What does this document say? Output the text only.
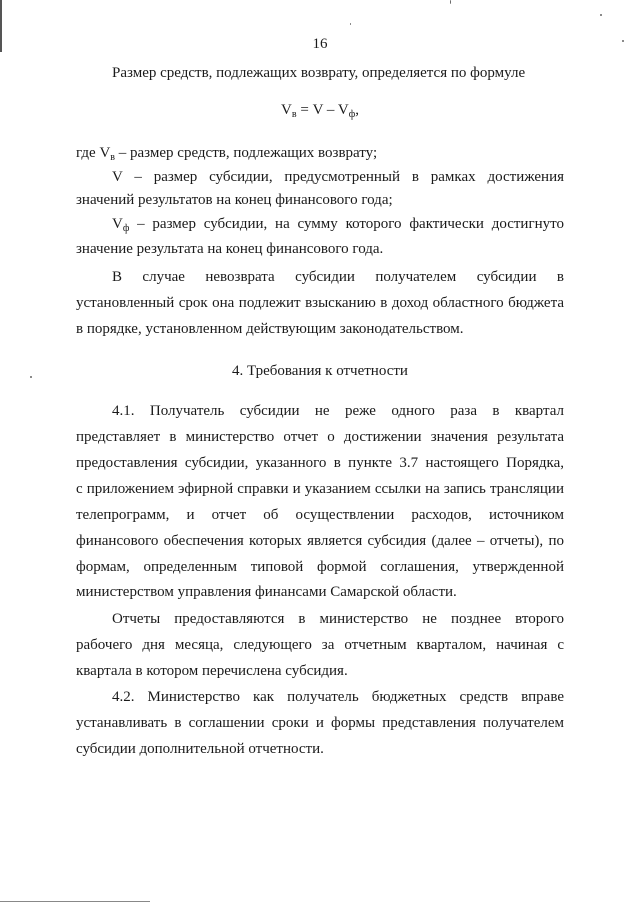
16
Размер средств, подлежащих возврату, определяется по формуле
$V_в = V - V_ф$,
где $V_в$ – размер средств, подлежащих возврату;
V – размер субсидии, предусмотренный в рамках достижения
значений результатов на конец финансового года;
$V_ф$ – размер субсидии, на сумму которого фактически достигнуто
значение результата на конец финансового года.
В случае невозврата субсидии получателем субсидии в
установленный срок она подлежит взысканию в доход областного бюджета
в порядке, установленном действующим законодательством.
4. Требования к отчетности
4.1. Получатель субсидии не реже одного раза в квартал
представляет в министерство отчет о достижении значения результата
предоставления субсидии, указанного в пункте 3.7 настоящего Порядка,
с приложением эфирной справки и указанием ссылки на запись трансляции
телепрограмм, и отчет об осуществлении расходов, источником
финансового обеспечения которых является субсидия (далее – отчеты), по
формам, определенным типовой формой соглашения, утвержденной
министерством управления финансами Самарской области.
Отчеты предоставляются в министерство не позднее второго
рабочего дня месяца, следующего за отчетным кварталом, начиная с
квартала в котором перечислена субсидия.
4.2. Министерство как получатель бюджетных средств вправе
устанавливать в соглашении сроки и формы представления получателем
субсидии дополнительной отчетности.
